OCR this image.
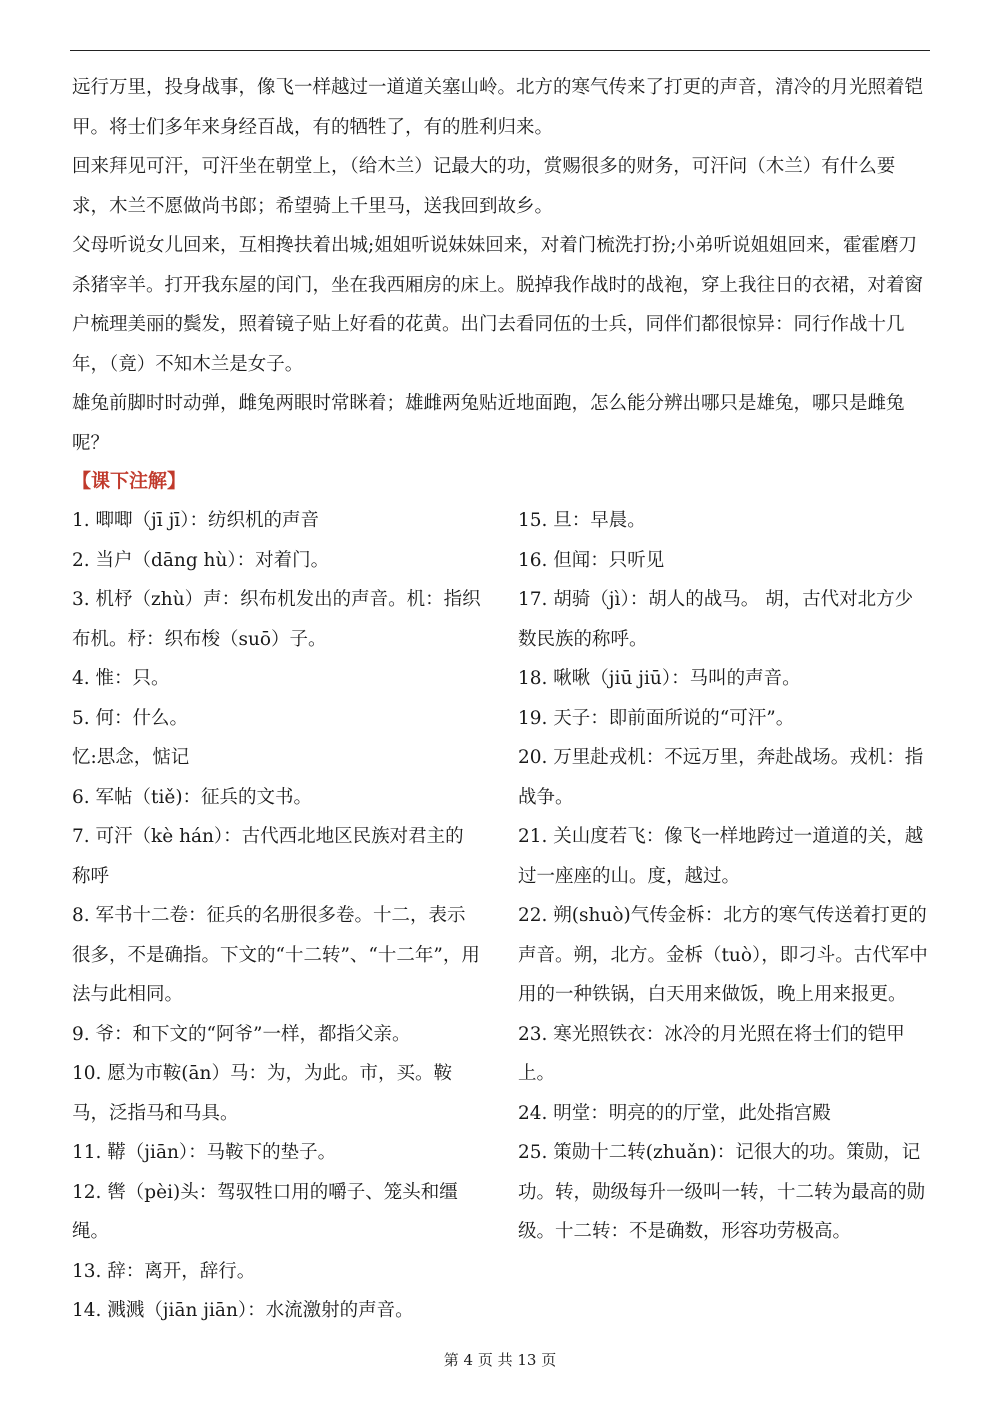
远行万里，投身战事，像飞一样越过一道道关塞山岭。北方的寒气传来了打更的声音，清冷的月光照着铠甲。将士们多年来身经百战，有的牺牲了，有的胜利归来。

回来拜见可汗，可汗坐在朝堂上，（给木兰）记最大的功，赏赐很多的财务，可汗问（木兰）有什么要求，木兰不愿做尚书郎；希望骑上千里马，送我回到故乡。

父母听说女儿回来，互相搀扶着出城;姐姐听说妹妹回来，对着门梳洗打扮;小弟听说姐姐回来，霍霍磨刀杀猪宰羊。打开我东屋的闰门，坐在我西厢房的床上。脱掉我作战时的战袍，穿上我往日的衣裙，对着窗户梳理美丽的鬓发，照着镜子贴上好看的花黄。出门去看同伍的士兵，同伴们都很惊异：同行作战十几年，（竟）不知木兰是女子。

雄兔前脚时时动弹，雌兔两眼时常眯着；雄雌两兔贴近地面跑，怎么能分辨出哪只是雄兔，哪只是雌兔呢？

【课下注解】

1. 唧唧（jī jī）：纺织机的声音

2. 当户（dāng hù）：对着门。

3. 机杼（zhù）声：织布机发出的声音。机：指织布机。杼：织布梭（suō）子。

4. 惟：只。

5. 何：什么。

忆:思念，惦记

6. 军帖（tiě)：征兵的文书。

7. 可汗（kè hán）：古代西北地区民族对君主的称呼

8. 军书十二卷：征兵的名册很多卷。十二，表示很多，不是确指。下文的“十二转”、“十二年”，用法与此相同。

9. 爷：和下文的“阿爷”一样，都指父亲。

10. 愿为市鞍(ān）马：为，为此。市，买。鞍马，泛指马和马具。

11. 鞯（jiān）：马鞍下的垫子。

12. 辔（pèi)头：驾驭牲口用的嚼子、笼头和缰绳。

13. 辞：离开，辞行。

14. 溅溅（jiān jiān）：水流激射的声音。

15. 旦：早晨。

16. 但闻：只听见

17. 胡骑（jì）：胡人的战马。 胡，古代对北方少数民族的称呼。

18. 啾啾（jiū jiū）：马叫的声音。

19. 天子：即前面所说的“可汗”。

20. 万里赴戎机：不远万里，奔赴战场。戎机：指战争。

21. 关山度若飞：像飞一样地跨过一道道的关，越过一座座的山。度，越过。

22. 朔(shuò)气传金柝：北方的寒气传送着打更的声音。朔，北方。金柝（tuò），即刁斗。古代军中用的一种铁锅，白天用来做饭，晚上用来报更。

23. 寒光照铁衣：冰冷的月光照在将士们的铠甲上。

24. 明堂：明亮的的厅堂，此处指宫殿

25. 策勋十二转(zhuǎn)：记很大的功。策勋，记功。转，勋级每升一级叫一转，十二转为最高的勋级。十二转：不是确数，形容功劳极高。

第 4 页 共 13 页
